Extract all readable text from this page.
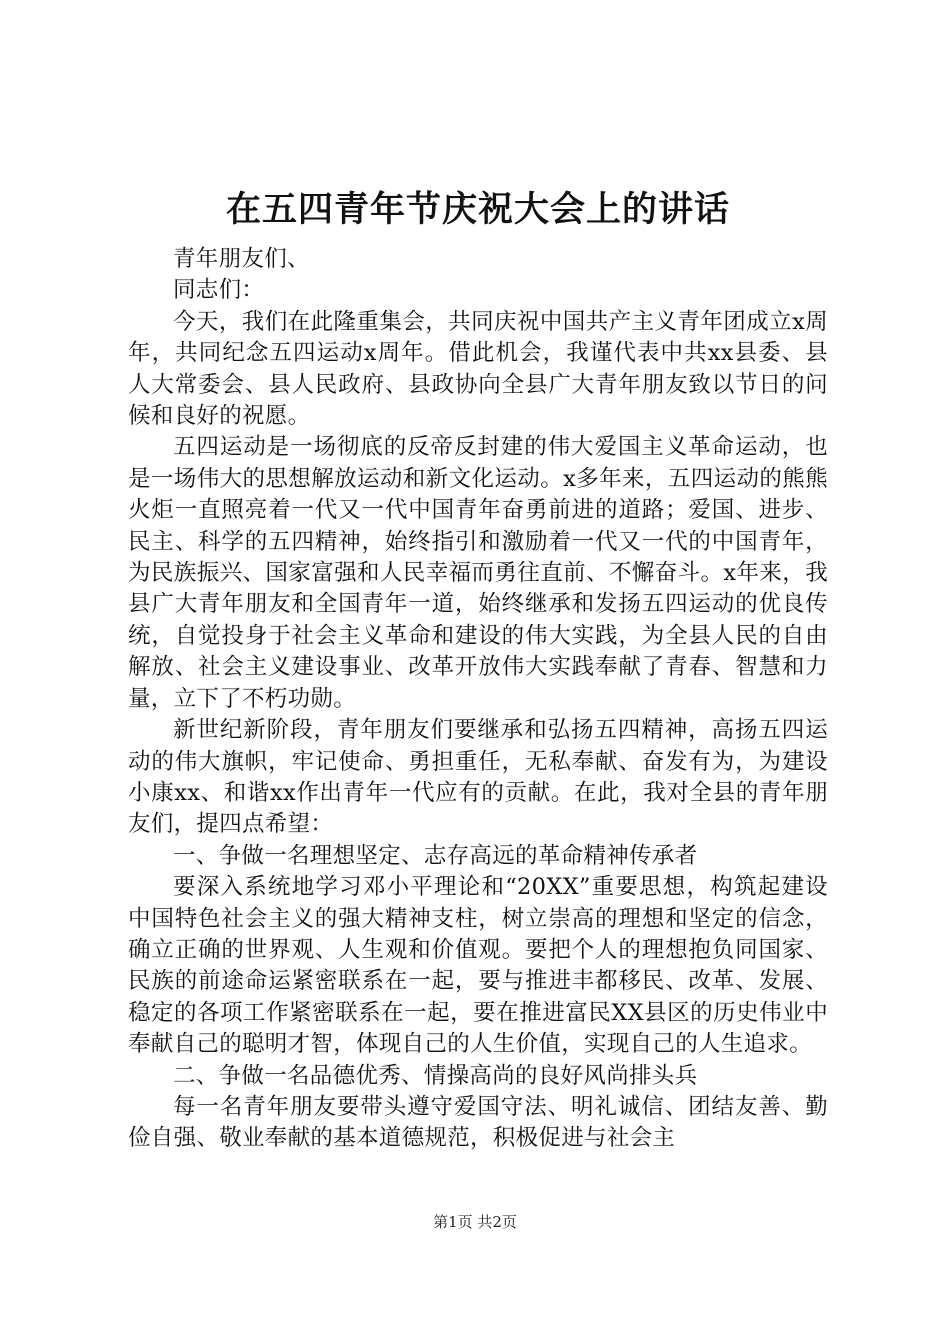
在五四青年节庆祝大会上的讲话

青年朋友们、

同志们：

今天，我们在此隆重集会，共同庆祝中国共产主义青年团成立x周年，共同纪念五四运动x周年。借此机会，我谨代表中共xx县委、县人大常委会、县人民政府、县政协向全县广大青年朋友致以节日的问候和良好的祝愿。

五四运动是一场彻底的反帝反封建的伟大爱国主义革命运动，也是一场伟大的思想解放运动和新文化运动。x多年来，五四运动的熊熊火炬一直照亮着一代又一代中国青年奋勇前进的道路；爱国、进步、民主、科学的五四精神，始终指引和激励着一代又一代的中国青年，为民族振兴、国家富强和人民幸福而勇往直前、不懈奋斗。x年来，我县广大青年朋友和全国青年一道，始终继承和发扬五四运动的优良传统，自觉投身于社会主义革命和建设的伟大实践，为全县人民的自由解放、社会主义建设事业、改革开放伟大实践奉献了青春、智慧和力量，立下了不朽功勋。

新世纪新阶段，青年朋友们要继承和弘扬五四精神，高扬五四运动的伟大旗帜，牢记使命、勇担重任，无私奉献、奋发有为，为建设小康xx、和谐xx作出青年一代应有的贡献。在此，我对全县的青年朋友们，提四点希望：

一、争做一名理想坚定、志存高远的革命精神传承者

要深入系统地学习邓小平理论和“20XX”重要思想，构筑起建设中国特色社会主义的强大精神支柱，树立崇高的理想和坚定的信念，确立正确的世界观、人生观和价值观。要把个人的理想抱负同国家、民族的前途命运紧密联系在一起，要与推进丰都移民、改革、发展、稳定的各项工作紧密联系在一起，要在推进富民XX县区的历史伟业中奉献自己的聪明才智，体现自己的人生价值，实现自己的人生追求。

二、争做一名品德优秀、情操高尚的良好风尚排头兵

每一名青年朋友要带头遵守爱国守法、明礼诚信、团结友善、勤俭自强、敬业奉献的基本道德规范，积极促进与社会主

第1页 共2页
